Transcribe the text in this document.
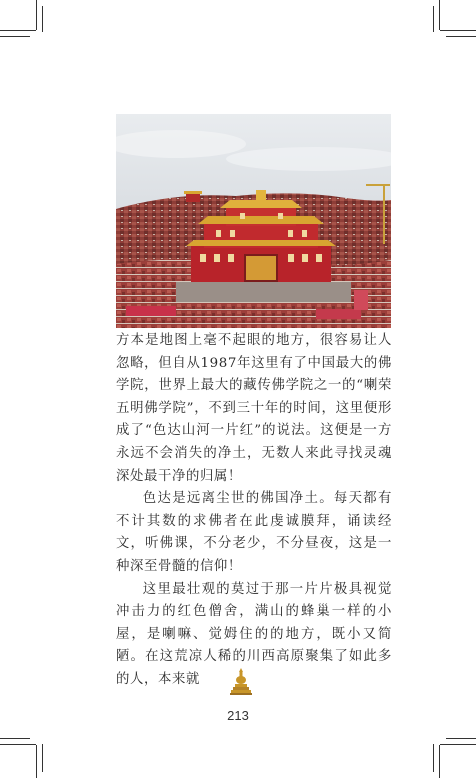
方本是地图上毫不起眼的地方，很容易让人忽略，但自从1987年这里有了中国最大的佛学院，世界上最大的藏传佛学院之一的“喇荣五明佛学院”，不到三十年的时间，这里便形成了“色达山河一片红”的说法。这便是一方永远不会消失的净土，无数人来此寻找灵魂深处最干净的归属！

色达是远离尘世的佛国净土。每天都有不计其数的求佛者在此虔诚膜拜，诵读经文，听佛课，不分老少，不分昼夜，这是一种深至骨髓的信仰！

这里最壮观的莫过于那一片片极具视觉冲击力的红色僧舍，满山的蜂巢一样的小屋，是喇嘛、觉姆住的的地方，既小又简陋。在这荒凉人稀的川西高原聚集了如此多的人，本来就

213
